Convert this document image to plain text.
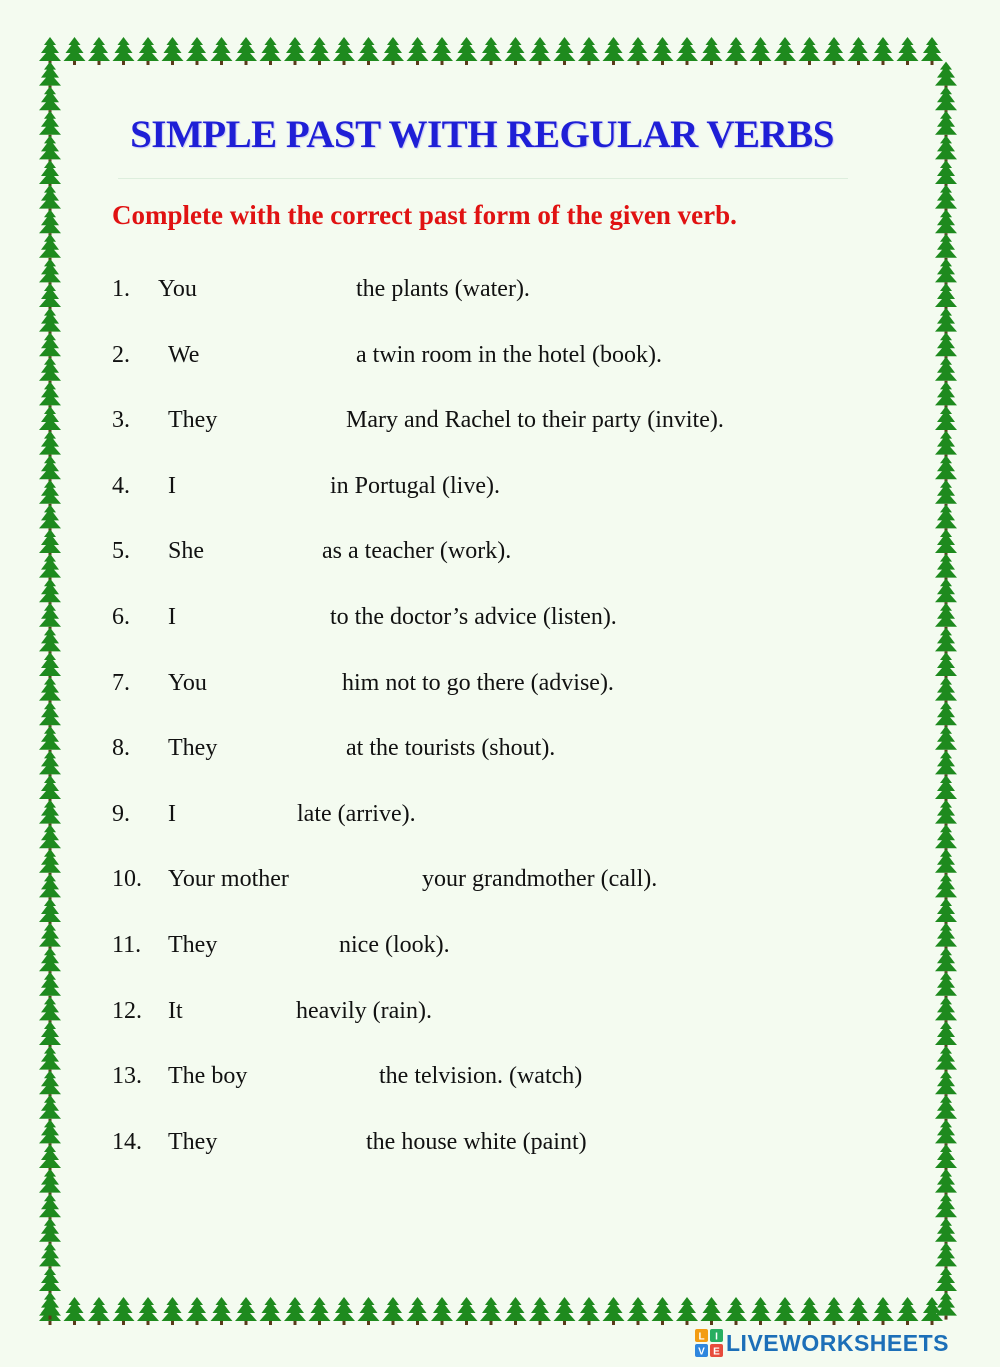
SIMPLE PAST WITH REGULAR VERBS
Complete with the correct past form of the given verb.
1. You	the plants (water).
2. We	a twin room in the hotel (book).
3. They	Mary and Rachel to their party (invite).
4. I	in Portugal (live).
5. She	as a teacher (work).
6. I	to the doctor’s advice (listen).
7. You	him not to go there (advise).
8. They	at the tourists (shout).
9. I	late (arrive).
10. Your mother	your grandmother (call).
11. They	nice (look).
12. It	heavily (rain).
13. The boy	the telvision. (watch)
14. They	the house white (paint)
L I
V E LIVEWORKSHEETS
